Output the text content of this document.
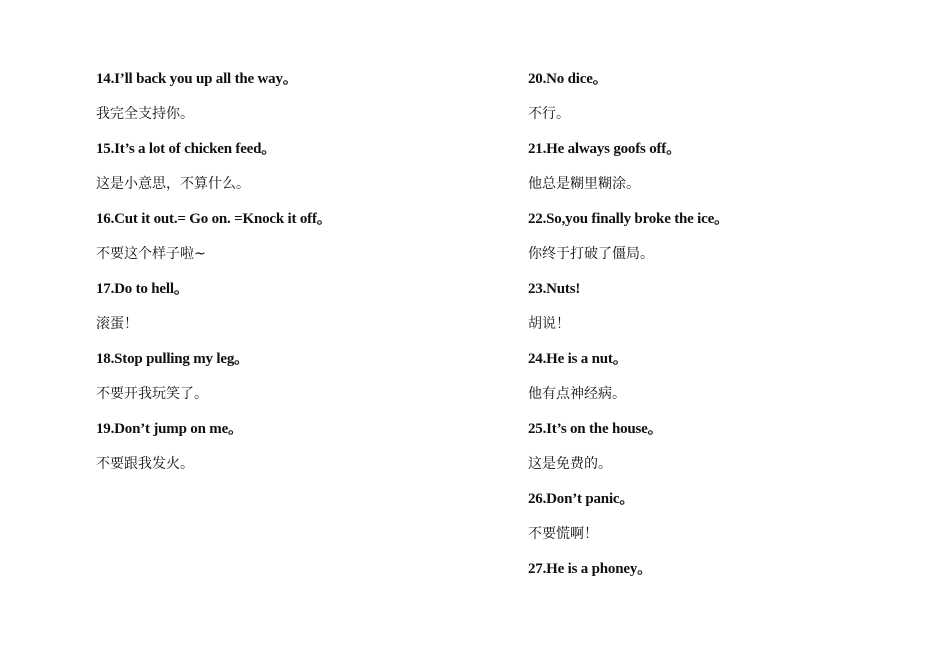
14.I’ll back you up all the way。
我完全支持你。
15.It’s a lot of chicken feed。
这是小意思，不算什么。
16.Cut it out.= Go on. =Knock it off。
不要这个样子啦~
17.Do to hell。
滚蛋！
18.Stop pulling my leg。
不要开我玩笑了。
19.Don’t jump on me。
不要跟我发火。
20.No dice。
不行。
21.He always goofs off。
他总是糊里糊涂。
22.So,you finally broke the ice。
你终于打破了僵局。
23.Nuts!
胡说！
24.He is a nut。
他有点神经病。
25.It’s on the house。
这是免费的。
26.Don’t panic。
不要慌啊！
27.He is a phoney。
